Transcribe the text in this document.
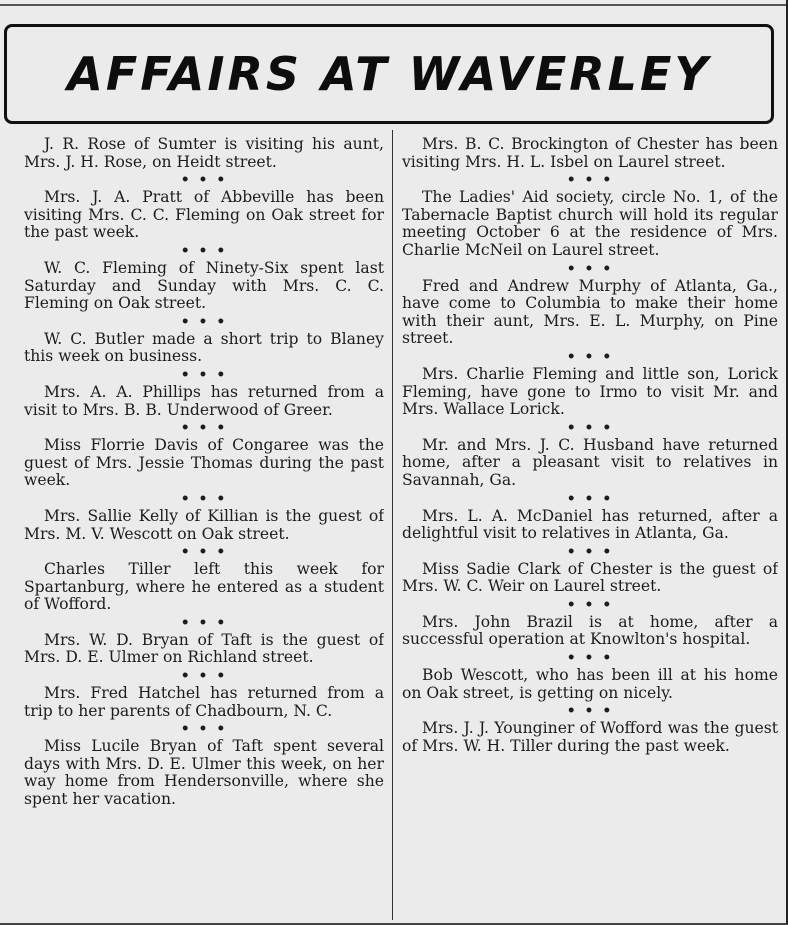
AFFAIRS AT WAVERLEY

J. R. Rose of Sumter is visiting his aunt, Mrs. J. H. Rose, on Heidt street.

• • •

Mrs. J. A. Pratt of Abbeville has been visiting Mrs. C. C. Fleming on Oak street for the past week.

• • •

W. C. Fleming of Ninety-Six spent last Saturday and Sunday with Mrs. C. C. Fleming on Oak street.

• • •

W. C. Butler made a short trip to Blaney this week on business.

• • •

Mrs. A. A. Phillips has returned from a visit to Mrs. B. B. Underwood of Greer.

• • •

Miss Florrie Davis of Congaree was the guest of Mrs. Jessie Thomas during the past week.

• • •

Mrs. Sallie Kelly of Killian is the guest of Mrs. M. V. Wescott on Oak street.

• • •

Charles Tiller left this week for Spartanburg, where he entered as a student of Wofford.

• • •

Mrs. W. D. Bryan of Taft is the guest of Mrs. D. E. Ulmer on Richland street.

• • •

Mrs. Fred Hatchel has returned from a trip to her parents of Chadbourn, N. C.

• • •

Miss Lucile Bryan of Taft spent several days with Mrs. D. E. Ulmer this week, on her way home from Hendersonville, where she spent her vacation.

Mrs. B. C. Brockington of Chester has been visiting Mrs. H. L. Isbel on Laurel street.

• • •

The Ladies' Aid society, circle No. 1, of the Tabernacle Baptist church will hold its regular meeting October 6 at the residence of Mrs. Charlie McNeil on Laurel street.

• • •

Fred and Andrew Murphy of Atlanta, Ga., have come to Columbia to make their home with their aunt, Mrs. E. L. Murphy, on Pine street.

• • •

Mrs. Charlie Fleming and little son, Lorick Fleming, have gone to Irmo to visit Mr. and Mrs. Wallace Lorick.

• • •

Mr. and Mrs. J. C. Husband have returned home, after a pleasant visit to relatives in Savannah, Ga.

• • •

Mrs. L. A. McDaniel has returned, after a delightful visit to relatives in Atlanta, Ga.

• • •

Miss Sadie Clark of Chester is the guest of Mrs. W. C. Weir on Laurel street.

• • •

Mrs. John Brazil is at home, after a successful operation at Knowlton's hospital.

• • •

Bob Wescott, who has been ill at his home on Oak street, is getting on nicely.

• • •

Mrs. J. J. Younginer of Wofford was the guest of Mrs. W. H. Tiller during the past week.
